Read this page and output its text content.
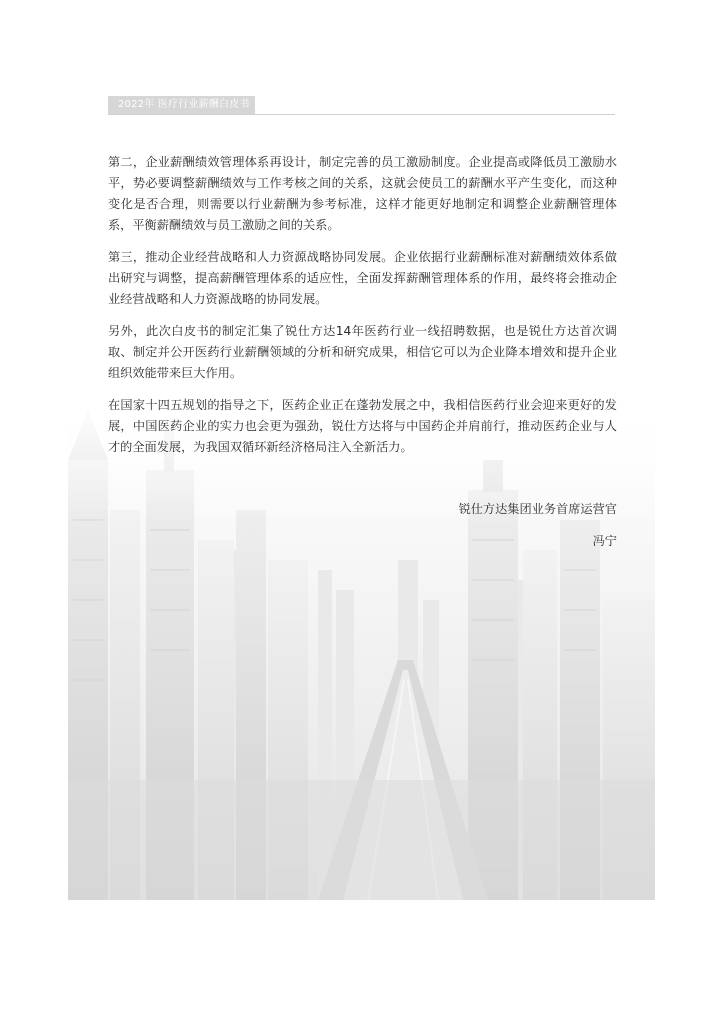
2022年 医疗行业薪酬白皮书

第二，企业薪酬绩效管理体系再设计，制定完善的员工激励制度。企业提高或降低员工激励水平，势必要调整薪酬绩效与工作考核之间的关系，这就会使员工的薪酬水平产生变化，而这种变化是否合理，则需要以行业薪酬为参考标准，这样才能更好地制定和调整企业薪酬管理体系，平衡薪酬绩效与员工激励之间的关系。

第三，推动企业经营战略和人力资源战略协同发展。企业依据行业薪酬标准对薪酬绩效体系做出研究与调整，提高薪酬管理体系的适应性，全面发挥薪酬管理体系的作用，最终将会推动企业经营战略和人力资源战略的协同发展。

另外，此次白皮书的制定汇集了锐仕方达14年医药行业一线招聘数据，也是锐仕方达首次调取、制定并公开医药行业薪酬领域的分析和研究成果，相信它可以为企业降本增效和提升企业组织效能带来巨大作用。

在国家十四五规划的指导之下，医药企业正在蓬勃发展之中，我相信医药行业会迎来更好的发展，中国医药企业的实力也会更为强劲，锐仕方达将与中国药企并肩前行，推动医药企业与人才的全面发展，为我国双循环新经济格局注入全新活力。

锐仕方达集团业务首席运营官
冯宁
